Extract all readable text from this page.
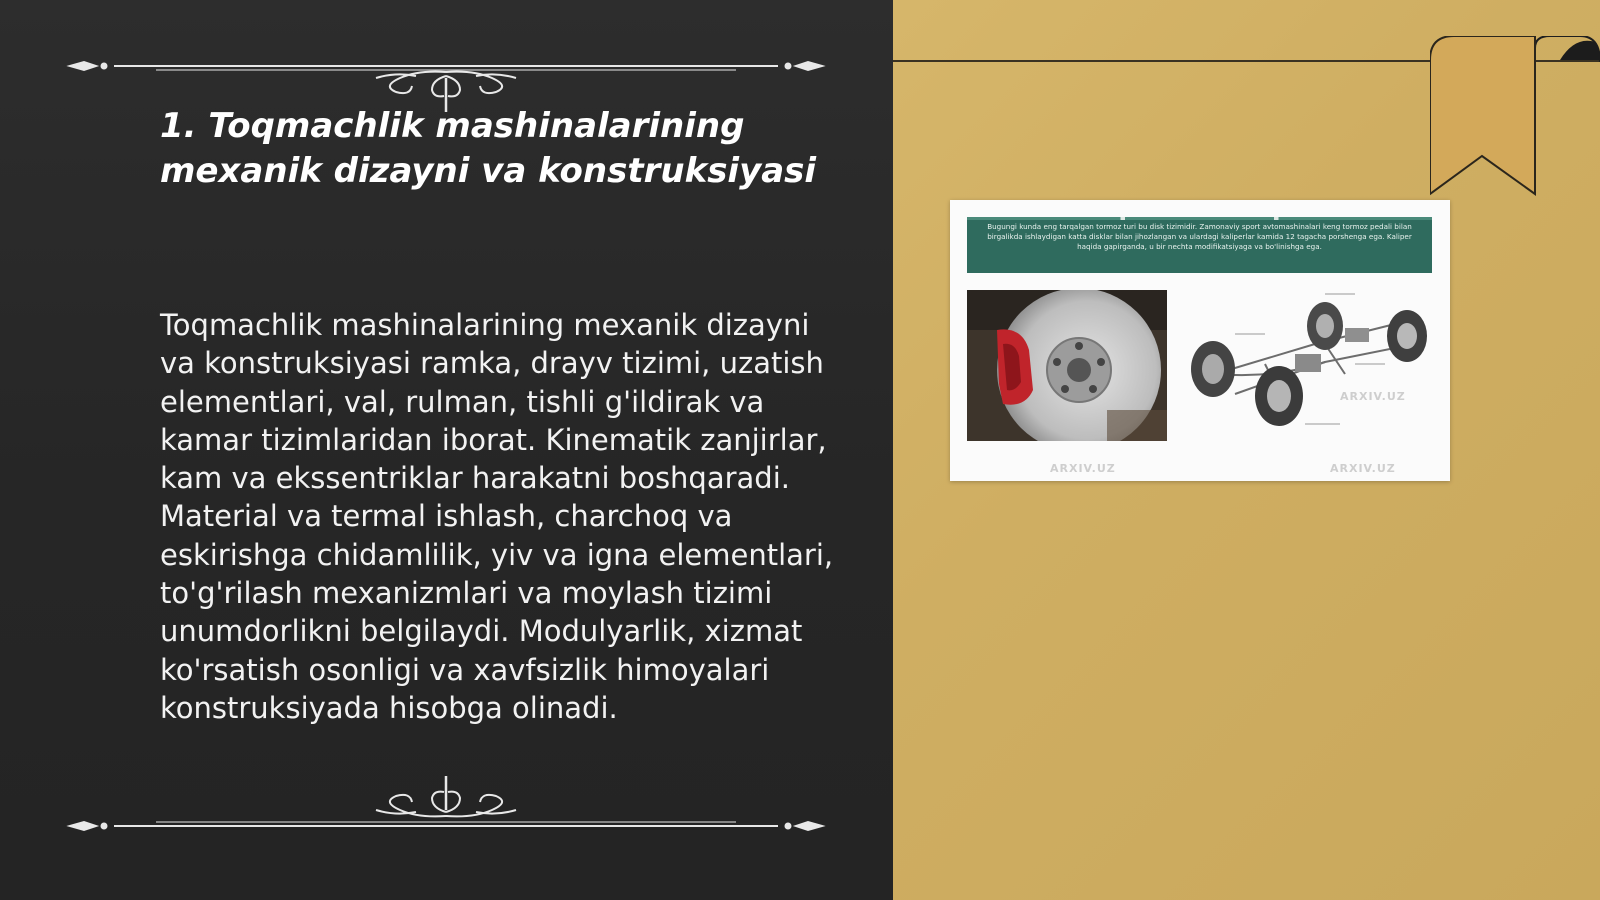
1. Toqmachlik mashinalarining mexanik dizayni va konstruksiyasi

Toqmachlik mashinalarining mexanik dizayni va konstruksiyasi ramka, drayv tizimi, uzatish elementlari, val, rulman, tishli g'ildirak va kamar tizimlaridan iborat. Kinematik zanjirlar, kam va ekssentriklar harakatni boshqaradi. Material va termal ishlash, charchoq va eskirishga chidamlilik, yiv va igna elementlari, to'g'rilash mexanizmlari va moylash tizimi unumdorlikni belgilaydi. Modulyarlik, xizmat ko'rsatish osonligi va xavfsizlik himoyalari konstruksiyada hisobga olinadi.

Bugungi kunda eng tarqalgan tormoz turi bu disk tizimidir. Zamonaviy sport avtomashinalari keng tormoz pedali bilan birgalikda ishlaydigan katta disklar bilan jihozlangan va ulardagi kaliperlar kamida 12 tagacha porshenga ega. Kaliper haqida gapirganda, u bir nechta modifikatsiyaga va bo'linishga ega.
ARXIV.UZ	ARXIV.UZ
ARXIV.UZ
